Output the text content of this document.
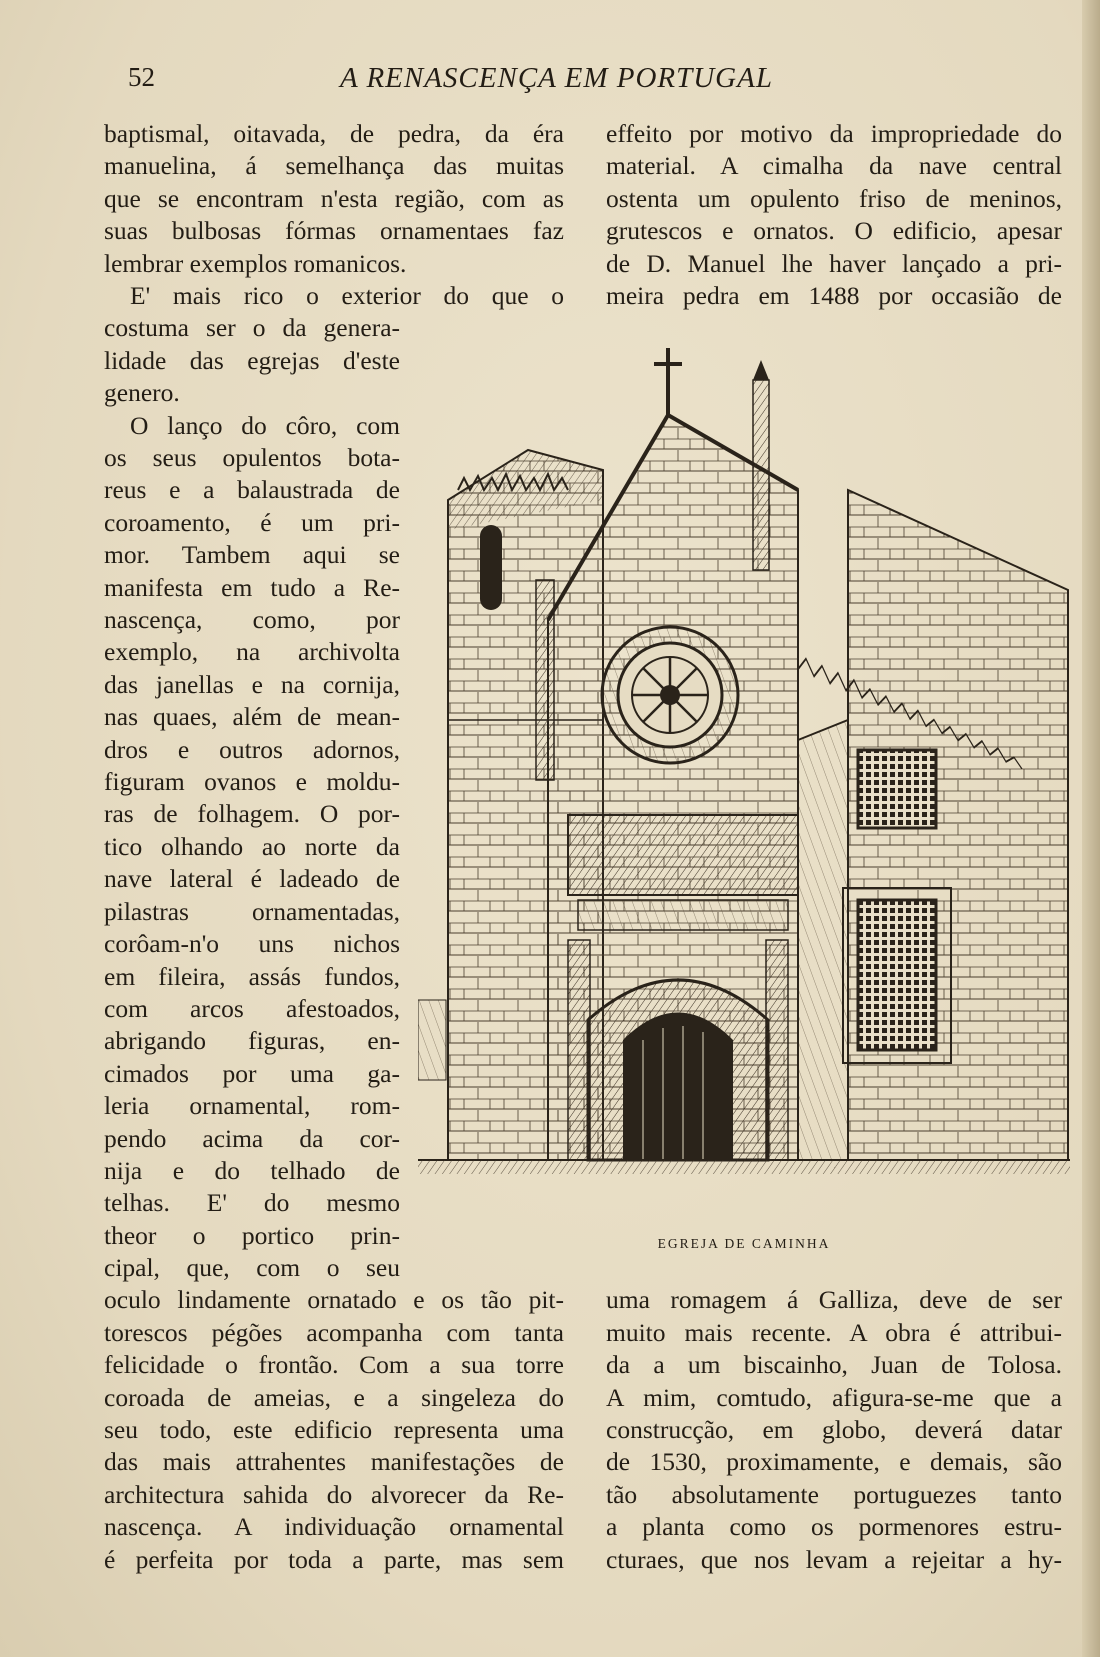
52	A RENASCENÇA EM PORTUGAL
baptismal, oitavada, de pedra, da éra
manuelina, á semelhança das muitas
que se encontram n'esta região, com as
suas bulbosas fórmas ornamentaes faz
lembrar exemplos romanicos.
E' mais rico o exterior do que o
costuma ser o da genera-
lidade das egrejas d'este
genero.
O lanço do côro, com
os seus opulentos bota-
reus e a balaustrada de
coroamento, é um pri-
mor. Tambem aqui se
manifesta em tudo a Re-
nascença, como, por
exemplo, na archivolta
das janellas e na cornija,
nas quaes, além de mean-
dros e outros adornos,
figuram ovanos e moldu-
ras de folhagem. O por-
tico olhando ao norte da
nave lateral é ladeado de
pilastras ornamentadas,
corôam-n'o uns nichos
em fileira, assás fundos,
com arcos afestoados,
abrigando figuras, en-
cimados por uma ga-
leria ornamental, rom-
pendo acima da cor-
nija e do telhado de
telhas. E' do mesmo
theor o portico prin-
cipal, que, com o seu
oculo lindamente ornatado e os tão pit-
torescos pégões acompanha com tanta
felicidade o frontão. Com a sua torre
coroada de ameias, e a singeleza do
seu todo, este edificio representa uma
das mais attrahentes manifestações de
architectura sahida do alvorecer da Re-
nascença. A individuação ornamental
é perfeita por toda a parte, mas sem
effeito por motivo da impropriedade do
material. A cimalha da nave central
ostenta um opulento friso de meninos,
grutescos e ornatos. O edificio, apesar
de D. Manuel lhe haver lançado a pri-
meira pedra em 1488 por occasião de
EGREJA DE CAMINHA
uma romagem á Galliza, deve de ser
muito mais recente. A obra é attribui-
da a um biscainho, Juan de Tolosa.
A mim, comtudo, afigura-se-me que a
construcção, em globo, deverá datar
de 1530, proximamente, e demais, são
tão absolutamente portuguezes tanto
a planta como os pormenores estru-
cturaes, que nos levam a rejeitar a hy-
